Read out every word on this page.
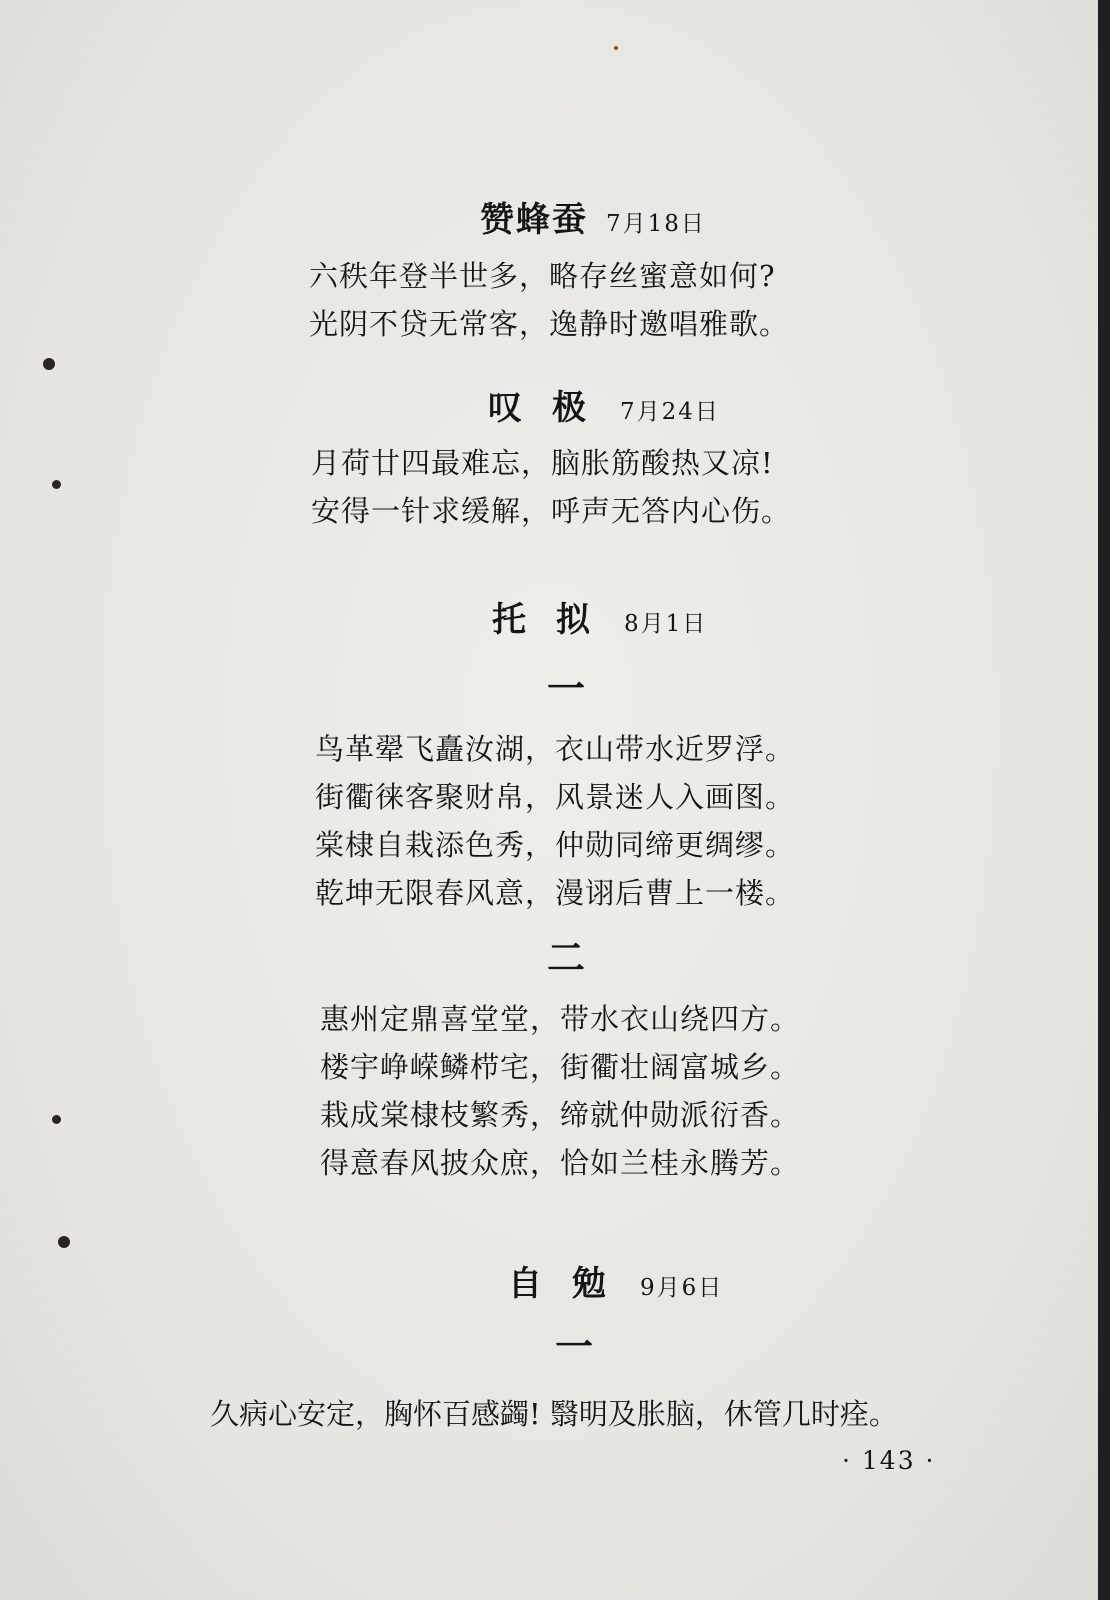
赞蜂蚕 7月18日
六秩年登半世多，略存丝蜜意如何?
光阴不贷无常客，逸静时邀唱雅歌。
叹极 7月24日
月荷廿四最难忘，脑胀筋酸热又凉!
安得一针求缓解，呼声无答内心伤。
托拟 8月1日
一
鸟革翚飞矗汝湖，衣山带水近罗浮。
街衢徕客聚财帛，风景迷人入画图。
棠棣自栽添色秀，仲勋同缔更绸缪。
乾坤无限春风意，漫诩后曹上一楼。
二
惠州定鼎喜堂堂，带水衣山绕四方。
楼宇峥嵘鳞栉宅，街衢壮阔富城乡。
栽成棠棣枝繁秀，缔就仲勋派衍香。
得意春风披众庶，恰如兰桂永腾芳。
自勉 9月6日
一
久病心安定，胸怀百感蠲! 翳明及胀脑，休管几时痊。
· 143 ·
